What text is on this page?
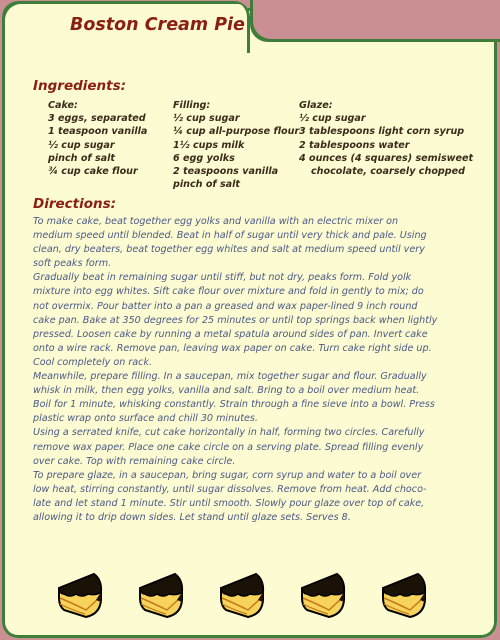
Boston Cream Pie
Ingredients:
Cake:
3 eggs, separated
1 teaspoon vanilla
½ cup sugar
pinch of salt
¾ cup cake flour
Filling:
½ cup sugar
¼ cup all-purpose flour
1½ cups milk
6 egg yolks
2 teaspoons vanilla
pinch of salt
Glaze:
½ cup sugar
3 tablespoons light corn syrup
2 tablespoons water
4 ounces (4 squares) semisweet
chocolate, coarsely chopped
Directions:
To make cake, beat together egg yolks and vanilla with an electric mixer on
medium speed until blended. Beat in half of sugar until very thick and pale. Using
clean, dry beaters, beat together egg whites and salt at medium speed until very
soft peaks form.
Gradually beat in remaining sugar until stiff, but not dry, peaks form. Fold yolk
mixture into egg whites. Sift cake flour over mixture and fold in gently to mix; do
not overmix. Pour batter into a pan a greased and wax paper-lined 9 inch round
cake pan. Bake at 350 degrees for 25 minutes or until top springs back when lightly
pressed. Loosen cake by running a metal spatula around sides of pan. Invert cake
onto a wire rack. Remove pan, leaving wax paper on cake. Turn cake right side up.
Cool completely on rack.
Meanwhile, prepare filling. In a saucepan, mix together sugar and flour. Gradually
whisk in milk, then egg yolks, vanilla and salt. Bring to a boil over medium heat.
Boil for 1 minute, whisking constantly. Strain through a fine sieve into a bowl. Press
plastic wrap onto surface and chill 30 minutes.
Using a serrated knife, cut cake horizontally in half, forming two circles. Carefully
remove wax paper. Place one cake circle on a serving plate. Spread filling evenly
over cake. Top with remaining cake circle.
To prepare glaze, in a saucepan, bring sugar, corn syrup and water to a boil over
low heat, stirring constantly, until sugar dissolves. Remove from heat. Add choco-
late and let stand 1 minute. Stir until smooth. Slowly pour glaze over top of cake,
allowing it to drip down sides. Let stand until glaze sets. Serves 8.
